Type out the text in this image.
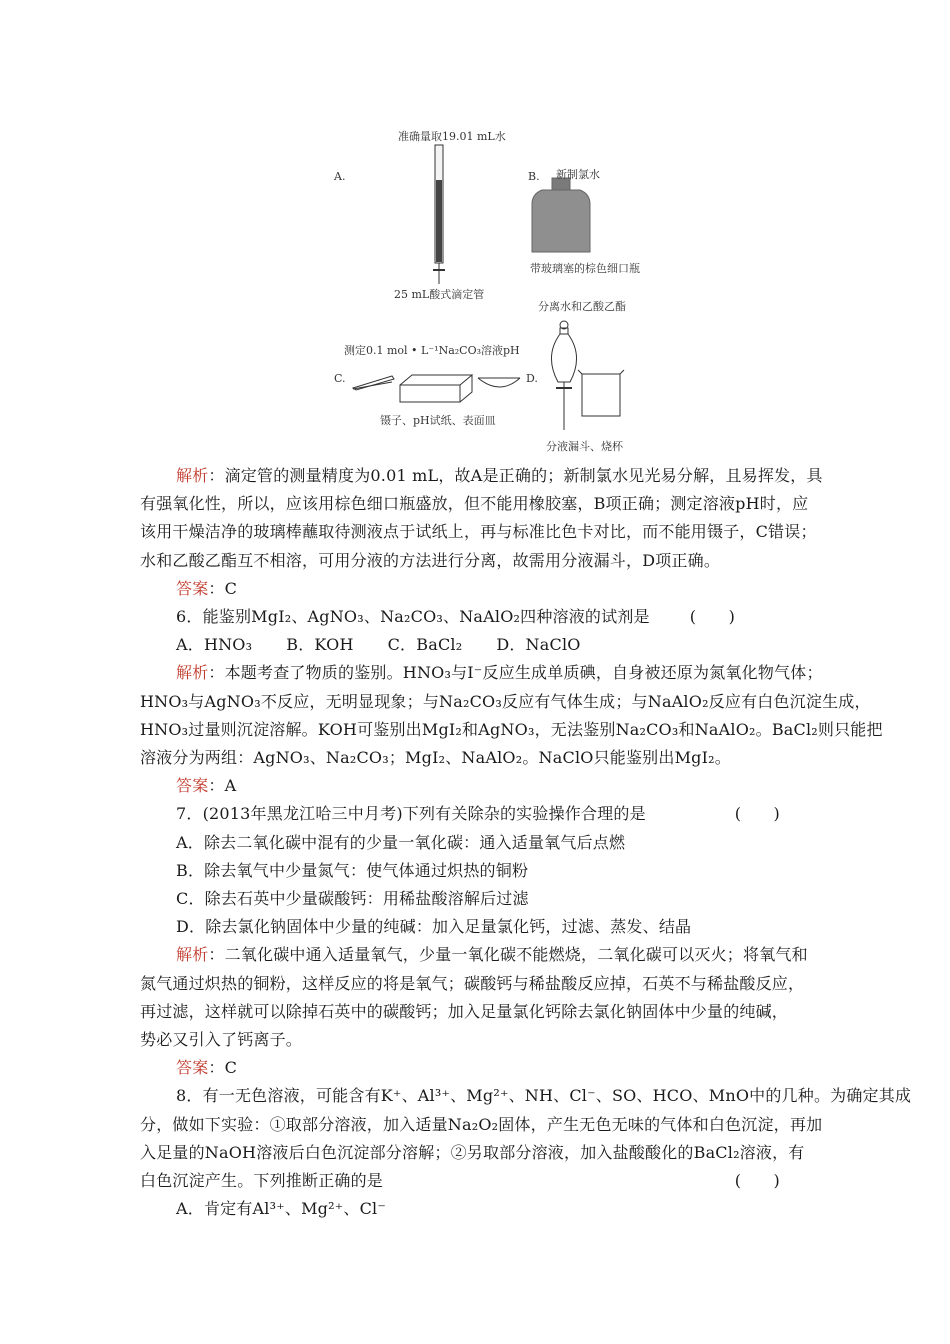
准确量取19.01 mL水
A.
25 mL酸式滴定管
B. 新制氯水
带玻璃塞的棕色细口瓶
测定0.1 mol • L⁻¹Na₂CO₃溶液pH
C.
镊子、pH试纸、表面皿
分离水和乙酸乙酯
D.
分液漏斗、烧杯

解析：滴定管的测量精度为0.01 mL，故A是正确的；新制氯水见光易分解，且易挥发，具

有强氧化性，所以，应该用棕色细口瓶盛放，但不能用橡胶塞，B项正确；测定溶液pH时，应

该用干燥洁净的玻璃棒蘸取待测液点于试纸上，再与标准比色卡对比，而不能用镊子，C错误；

水和乙酸乙酯互不相溶，可用分液的方法进行分离，故需用分液漏斗，D项正确。

答案：C

6．能鉴别MgI₂、AgNO₃、Na₂CO₃、NaAlO₂四种溶液的试剂是	(　　)

A．HNO₃ B．KOH C．BaCl₂ D．NaClO

解析：本题考查了物质的鉴别。HNO₃与I⁻反应生成单质碘，自身被还原为氮氧化物气体；

HNO₃与AgNO₃不反应，无明显现象；与Na₂CO₃反应有气体生成；与NaAlO₂反应有白色沉淀生成，

HNO₃过量则沉淀溶解。KOH可鉴别出MgI₂和AgNO₃，无法鉴别Na₂CO₃和NaAlO₂。BaCl₂则只能把

溶液分为两组：AgNO₃、Na₂CO₃；MgI₂、NaAlO₂。NaClO只能鉴别出MgI₂。

答案：A

7．(2013年黑龙江哈三中月考)下列有关除杂的实验操作合理的是	(　　)

A．除去二氧化碳中混有的少量一氧化碳：通入适量氧气后点燃

B．除去氧气中少量氮气：使气体通过炽热的铜粉

C．除去石英中少量碳酸钙：用稀盐酸溶解后过滤

D．除去氯化钠固体中少量的纯碱：加入足量氯化钙，过滤、蒸发、结晶

解析：二氧化碳中通入适量氧气，少量一氧化碳不能燃烧，二氧化碳可以灭火；将氧气和

氮气通过炽热的铜粉，这样反应的将是氧气；碳酸钙与稀盐酸反应掉，石英不与稀盐酸反应，

再过滤，这样就可以除掉石英中的碳酸钙；加入足量氯化钙除去氯化钠固体中少量的纯碱，

势必又引入了钙离子。

答案：C

8．有一无色溶液，可能含有K⁺、Al³⁺、Mg²⁺、NH、Cl⁻、SO、HCO、MnO中的几种。为确定其成

分，做如下实验：①取部分溶液，加入适量Na₂O₂固体，产生无色无味的气体和白色沉淀，再加

入足量的NaOH溶液后白色沉淀部分溶解；②另取部分溶液，加入盐酸酸化的BaCl₂溶液，有

白色沉淀产生。下列推断正确的是	(　　)

A．肯定有Al³⁺、Mg²⁺、Cl⁻
